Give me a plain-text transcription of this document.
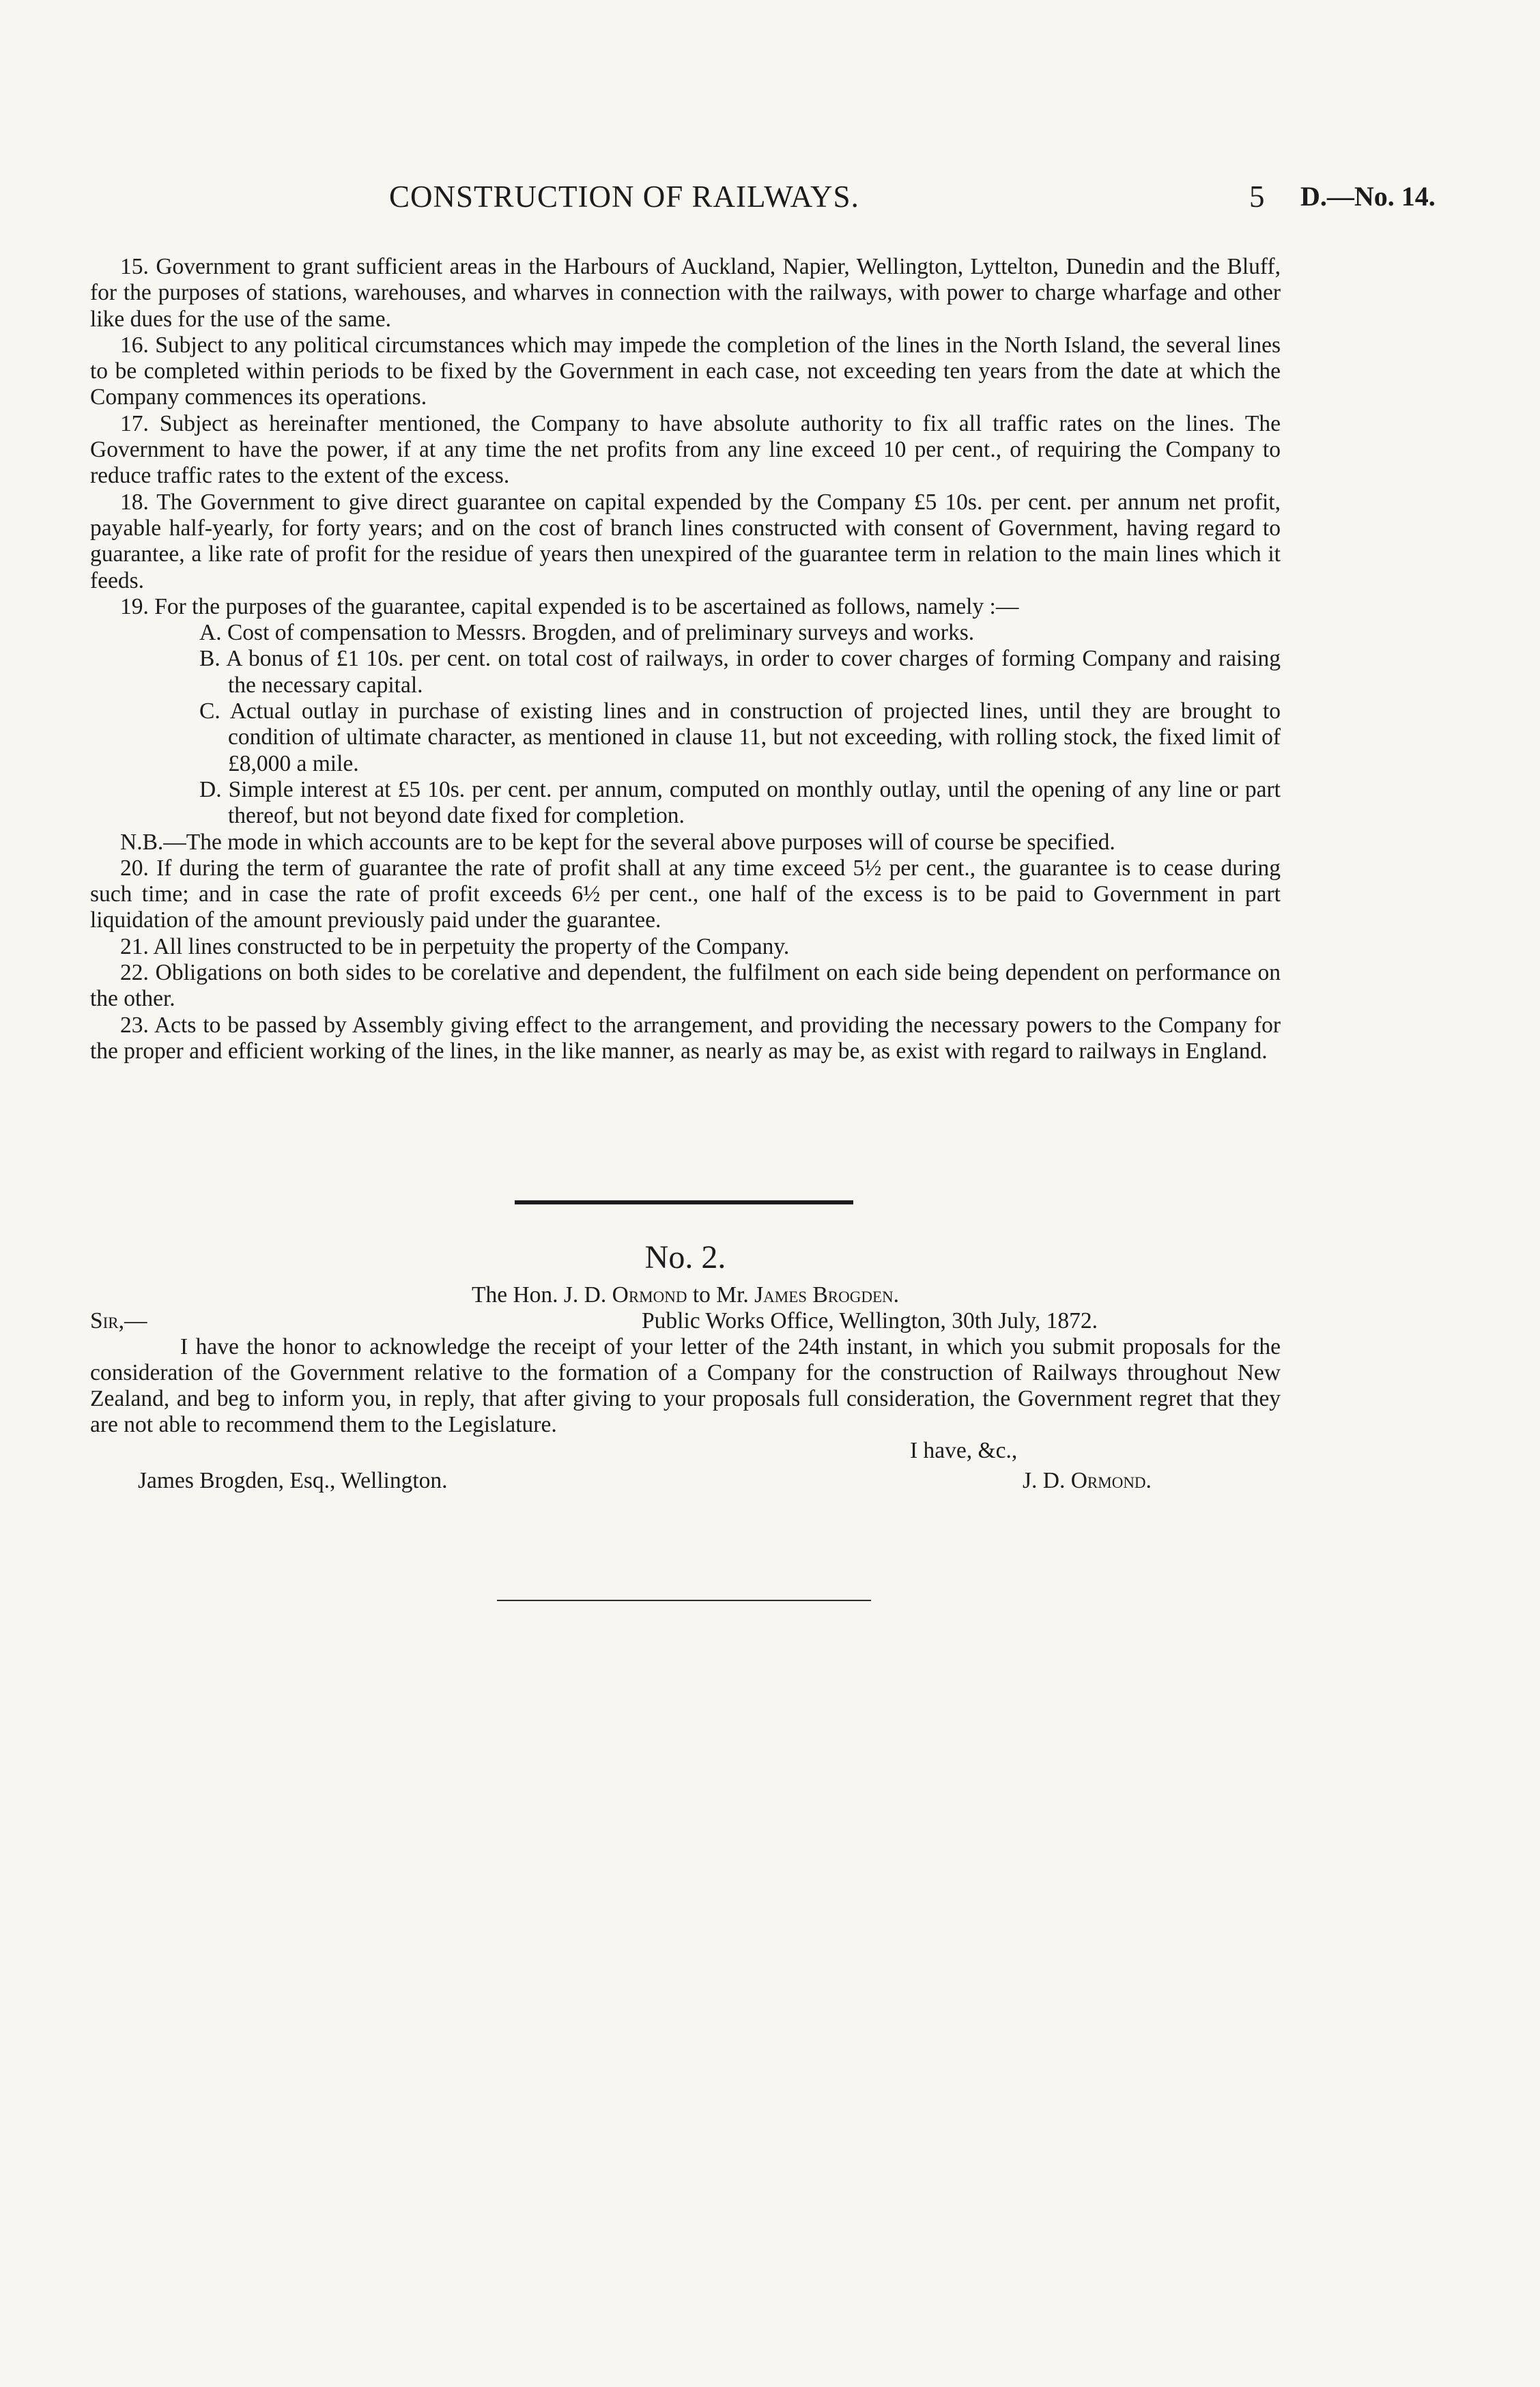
CONSTRUCTION OF RAILWAYS.	5 D.—No. 14.

15. Government to grant sufficient areas in the Harbours of Auckland, Napier, Wellington, Lyttelton, Dunedin and the Bluff, for the purposes of stations, warehouses, and wharves in connection with the railways, with power to charge wharfage and other like dues for the use of the same.

16. Subject to any political circumstances which may impede the completion of the lines in the North Island, the several lines to be completed within periods to be fixed by the Government in each case, not exceeding ten years from the date at which the Company commences its operations.

17. Subject as hereinafter mentioned, the Company to have absolute authority to fix all traffic rates on the lines. The Government to have the power, if at any time the net profits from any line exceed 10 per cent., of requiring the Company to reduce traffic rates to the extent of the excess.

18. The Government to give direct guarantee on capital expended by the Company £5 10s. per cent. per annum net profit, payable half-yearly, for forty years; and on the cost of branch lines constructed with consent of Government, having regard to guarantee, a like rate of profit for the residue of years then unexpired of the guarantee term in relation to the main lines which it feeds.

19. For the purposes of the guarantee, capital expended is to be ascertained as follows, namely :—

A. Cost of compensation to Messrs. Brogden, and of preliminary surveys and works.

B. A bonus of £1 10s. per cent. on total cost of railways, in order to cover charges of forming Company and raising the necessary capital.

C. Actual outlay in purchase of existing lines and in construction of projected lines, until they are brought to condition of ultimate character, as mentioned in clause 11, but not exceeding, with rolling stock, the fixed limit of £8,000 a mile.

D. Simple interest at £5 10s. per cent. per annum, computed on monthly outlay, until the opening of any line or part thereof, but not beyond date fixed for completion.

N.B.—The mode in which accounts are to be kept for the several above purposes will of course be specified.

20. If during the term of guarantee the rate of profit shall at any time exceed 5½ per cent., the guarantee is to cease during such time; and in case the rate of profit exceeds 6½ per cent., one half of the excess is to be paid to Government in part liquidation of the amount previously paid under the guarantee.

21. All lines constructed to be in perpetuity the property of the Company.

22. Obligations on both sides to be corelative and dependent, the fulfilment on each side being dependent on performance on the other.

23. Acts to be passed by Assembly giving effect to the arrangement, and providing the necessary powers to the Company for the proper and efficient working of the lines, in the like manner, as nearly as may be, as exist with regard to railways in England.

No. 2.
The Hon. J. D. Ormond to Mr. James Brogden.
Sir,—	Public Works Office, Wellington, 30th July, 1872.

I have the honor to acknowledge the receipt of your letter of the 24th instant, in which you submit proposals for the consideration of the Government relative to the formation of a Company for the construction of Railways throughout New Zealand, and beg to inform you, in reply, that after giving to your proposals full consideration, the Government regret that they are not able to recommend them to the Legislature.

I have, &c.,
James Brogden, Esq., Wellington.	J. D. Ormond.
